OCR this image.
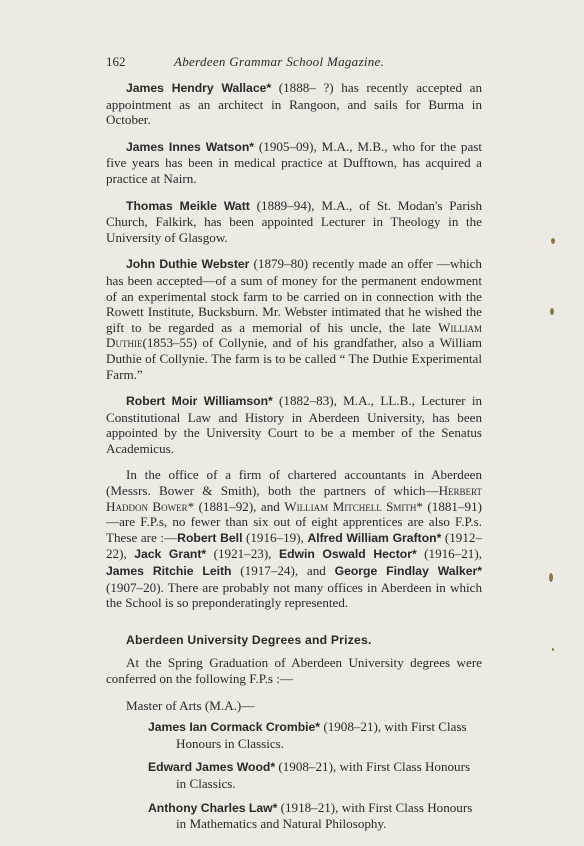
162	Aberdeen Grammar School Magazine.

James Hendry Wallace* (1888– ?) has recently accepted an appointment as an architect in Rangoon, and sails for Burma in October.

James Innes Watson* (1905–09), M.A., M.B., who for the past five years has been in medical practice at Dufftown, has acquired a practice at Nairn.

Thomas Meikle Watt (1889–94), M.A., of St. Modan's Parish Church, Falkirk, has been appointed Lecturer in Theology in the University of Glasgow.

John Duthie Webster (1879–80) recently made an offer —which has been accepted—of a sum of money for the permanent endowment of an experimental stock farm to be carried on in connection with the Rowett Institute, Bucksburn. Mr. Webster intimated that he wished the gift to be regarded as a memorial of his uncle, the late William Duthie(1853–55) of Collynie, and of his grandfather, also a William Duthie of Collynie. The farm is to be called “ The Duthie Experimental Farm.”

Robert Moir Williamson* (1882–83), M.A., LL.B., Lecturer in Constitutional Law and History in Aberdeen University, has been appointed by the University Court to be a member of the Senatus Academicus.

In the office of a firm of chartered accountants in Aberdeen (Messrs. Bower & Smith), both the partners of which—Herbert Haddon Bower* (1881–92), and William Mitchell Smith* (1881–91)—are F.P.s, no fewer than six out of eight apprentices are also F.P.s. These are :—Robert Bell (1916–19), Alfred William Grafton* (1912–22), Jack Grant* (1921–23), Edwin Oswald Hector* (1916–21), James Ritchie Leith (1917–24), and George Findlay Walker* (1907–20). There are probably not many offices in Aberdeen in which the School is so preponderatingly represented.

Aberdeen University Degrees and Prizes.

At the Spring Graduation of Aberdeen University degrees were conferred on the following F.P.s :—

Master of Arts (M.A.)—

James Ian Cormack Crombie* (1908–21), with First Class Honours in Classics.

Edward James Wood* (1908–21), with First Class Honours in Classics.

Anthony Charles Law* (1918–21), with First Class Honours in Mathematics and Natural Philosophy.
